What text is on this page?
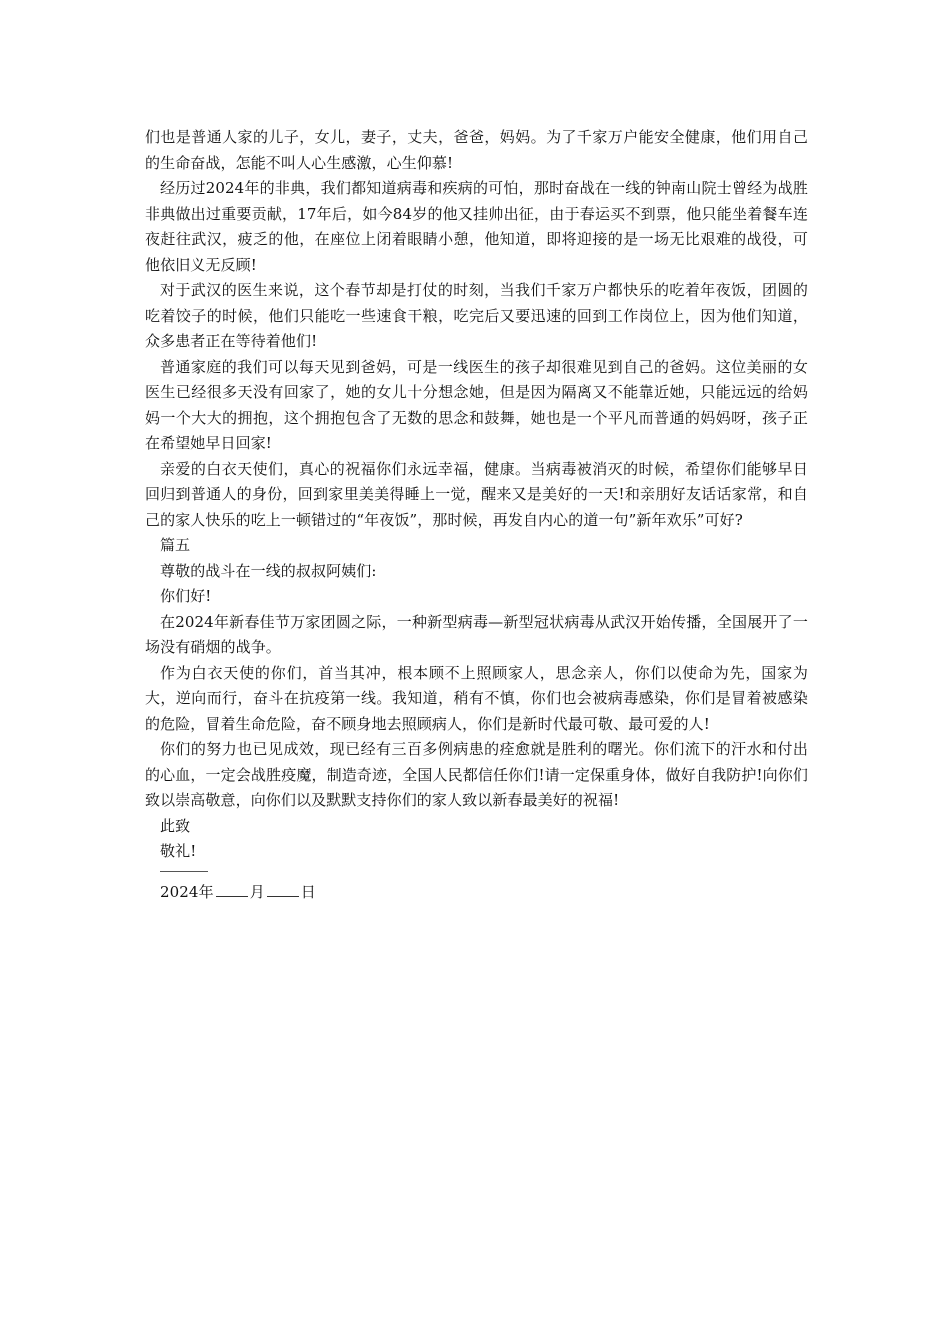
们也是普通人家的儿子，女儿，妻子，丈夫，爸爸，妈妈。为了千家万户能安全健康，他们用自己的生命奋战，怎能不叫人心生感激，心生仰慕!

经历过2024年的非典，我们都知道病毒和疾病的可怕，那时奋战在一线的钟南山院士曾经为战胜非典做出过重要贡献，17年后，如今84岁的他又挂帅出征，由于春运买不到票，他只能坐着餐车连夜赶往武汉，疲乏的他，在座位上闭着眼睛小憩，他知道，即将迎接的是一场无比艰难的战役，可他依旧义无反顾!

对于武汉的医生来说，这个春节却是打仗的时刻，当我们千家万户都快乐的吃着年夜饭，团圆的吃着饺子的时候，他们只能吃一些速食干粮，吃完后又要迅速的回到工作岗位上，因为他们知道，众多患者正在等待着他们!

普通家庭的我们可以每天见到爸妈，可是一线医生的孩子却很难见到自己的爸妈。这位美丽的女医生已经很多天没有回家了，她的女儿十分想念她，但是因为隔离又不能靠近她，只能远远的给妈妈一个大大的拥抱，这个拥抱包含了无数的思念和鼓舞，她也是一个平凡而普通的妈妈呀，孩子正在希望她早日回家!

亲爱的白衣天使们，真心的祝福你们永远幸福，健康。当病毒被消灭的时候，希望你们能够早日回归到普通人的身份，回到家里美美得睡上一觉，醒来又是美好的一天!和亲朋好友话话家常，和自己的家人快乐的吃上一顿错过的“年夜饭”，那时候，再发自内心的道一句”新年欢乐”可好?

篇五

尊敬的战斗在一线的叔叔阿姨们:

你们好!

在2024年新春佳节万家团圆之际，一种新型病毒—新型冠状病毒从武汉开始传播，全国展开了一场没有硝烟的战争。

作为白衣天使的你们，首当其冲，根本顾不上照顾家人，思念亲人，你们以使命为先，国家为大，逆向而行，奋斗在抗疫第一线。我知道，稍有不慎，你们也会被病毒感染，你们是冒着被感染的危险，冒着生命危险，奋不顾身地去照顾病人，你们是新时代最可敬、最可爱的人!

你们的努力也已见成效，现已经有三百多例病患的痊愈就是胜利的曙光。你们流下的汗水和付出的心血，一定会战胜疫魔，制造奇迹，全国人民都信任你们!请一定保重身体，做好自我防护!向你们致以崇高敬意，向你们以及默默支持你们的家人致以新春最美好的祝福!

此致

敬礼!

2024年 月 日
